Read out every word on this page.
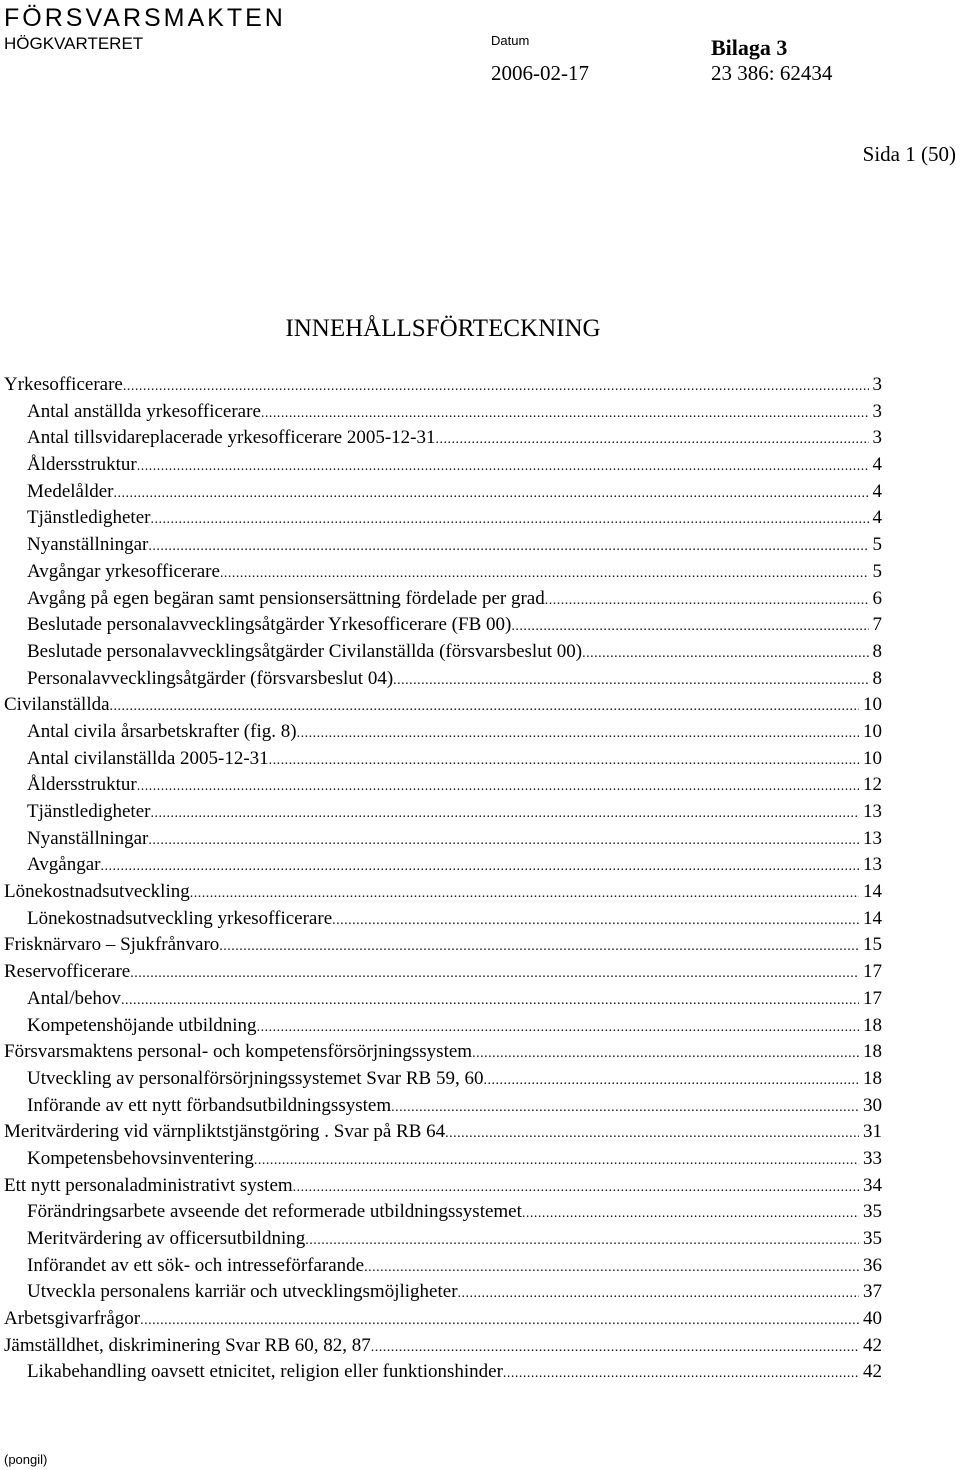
FÖRSVARSMAKTEN
HÖGKVARTERET	Datum
2006-02-17
Bilaga 3
23 386: 62434
Sida 1 (50)
INNEHÅLLSFÖRTECKNING
Yrkesofficerare .....	3
Antal anställda yrkesofficerare .....	3
Antal tillsvidareplacerade yrkesofficerare 2005-12-31 .....	3
Åldersstruktur .....	4
Medelålder .....	4
Tjänstledigheter .....	4
Nyanställningar .....	5
Avgångar yrkesofficerare .....	5
Avgång på egen begäran samt pensionsersättning fördelade per grad .....	6
Beslutade personalavvecklingsåtgärder Yrkesofficerare (FB 00) .....	7
Beslutade personalavvecklingsåtgärder Civilanställda (försvarsbeslut 00) .....	8
Personalavvecklingsåtgärder (försvarsbeslut 04) .....	8
Civilanställda .....	10
Antal civila årsarbetskrafter (fig. 8) .....	10
Antal civilanställda 2005-12-31 .....	10
Åldersstruktur .....	12
Tjänstledigheter .....	13
Nyanställningar .....	13
Avgångar .....	13
Lönekostnadsutveckling .....	14
Lönekostnadsutveckling yrkesofficerare .....	14
Frisknärvaro – Sjukfrånvaro .....	15
Reservofficerare .....	17
Antal/behov .....	17
Kompetenshöjande utbildning .....	18
Försvarsmaktens personal- och kompetensförsörjningssystem .....	18
Utveckling av personalförsörjningssystemet Svar RB 59, 60 .....	18
Införande av ett nytt förbandsutbildningssystem .....	30
Meritvärdering vid värnpliktstjänstgöring . Svar på RB 64 .....	31
Kompetensbehovsinventering .....	33
Ett nytt personaladministrativt system .....	34
Förändringsarbete avseende det reformerade utbildningssystemet .....	35
Meritvärdering av officersutbildning .....	35
Införandet av ett sök- och intresseförfarande .....	36
Utveckla personalens karriär och utvecklingsmöjligheter .....	37
Arbetsgivarfrågor .....	40
Jämställdhet, diskriminering Svar RB 60, 82, 87 .....	42
Likabehandling oavsett etnicitet, religion eller funktionshinder .....	42
(pongil)
